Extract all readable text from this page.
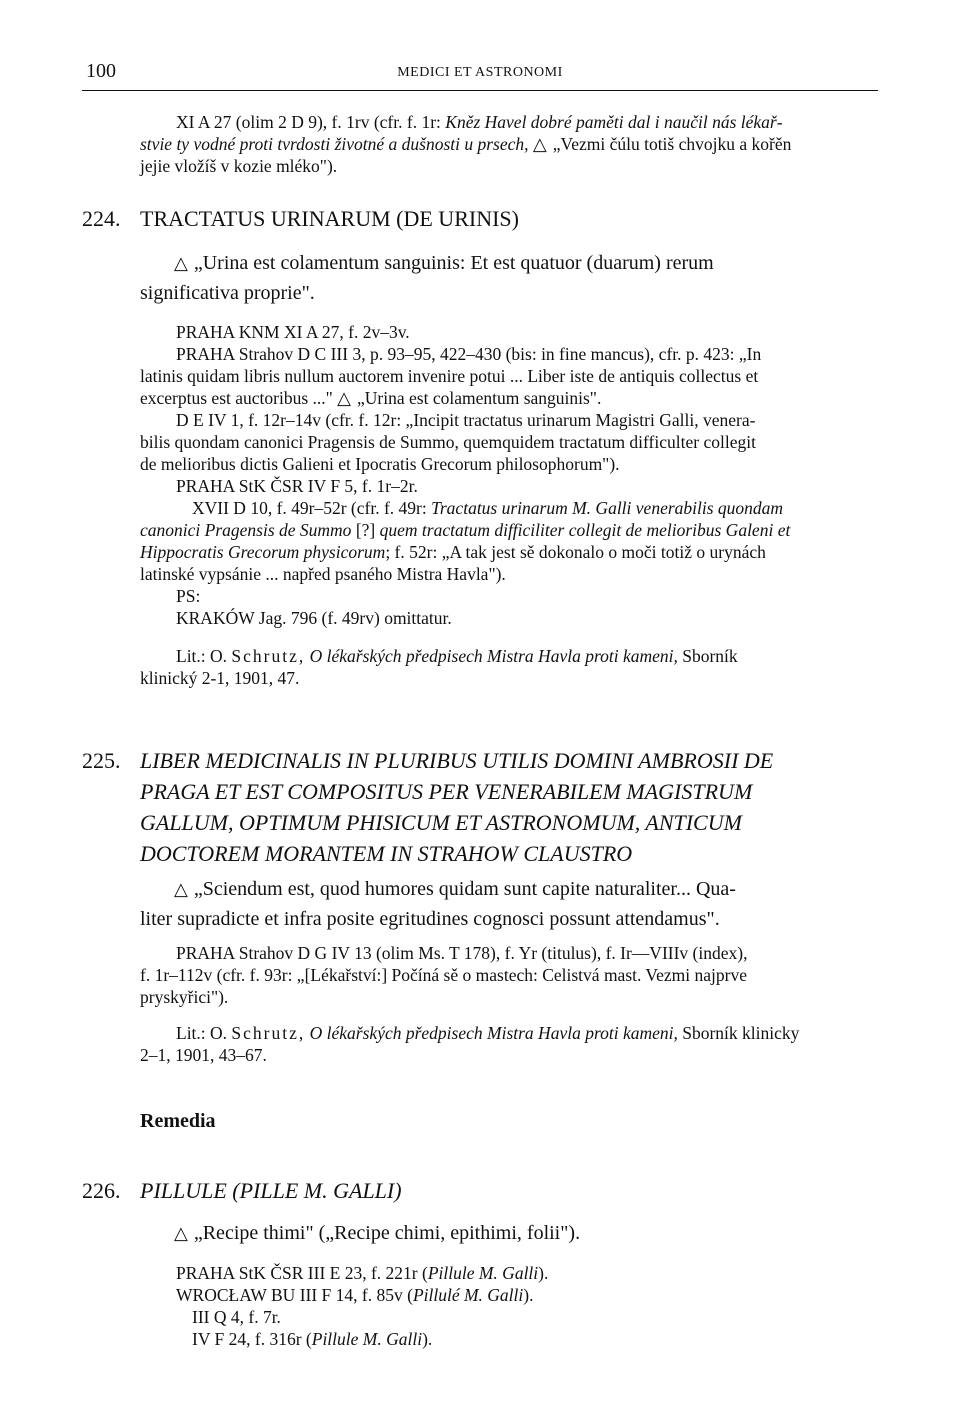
100	MEDICI ET ASTRONOMI

XI A 27 (olim 2 D 9), f. 1rv (cfr. f. 1r: Kněz Havel dobré paměti dal i naučil nás lékař-

stvie ty vodné proti tvrdosti životné a dušnosti u prsech, △ „Vezmi čúlu totiš chvojku a kořěn

jejie vložíš v kozie mléko").

224. TRACTATUS URINARUM (DE URINIS)

△ „Urina est colamentum sanguinis: Et est quatuor (duarum) rerum

significativa proprie".

PRAHA KNM XI A 27, f. 2v–3v.

PRAHA Strahov D C III 3, p. 93–95, 422–430 (bis: in fine mancus), cfr. p. 423: „In

latinis quidam libris nullum auctorem invenire potui ... Liber iste de antiquis collectus et

excerptus est auctoribus ..." △ „Urina est colamentum sanguinis".

D E IV 1, f. 12r–14v (cfr. f. 12r: „Incipit tractatus urinarum Magistri Galli, venera-

bilis quondam canonici Pragensis de Summo, quemquidem tractatum difficulter collegit

de melioribus dictis Galieni et Ipocratis Grecorum philosophorum").

PRAHA StK ČSR IV F 5, f. 1r–2r.

XVII D 10, f. 49r–52r (cfr. f. 49r: Tractatus urinarum M. Galli venerabilis quondam

canonici Pragensis de Summo [?] quem tractatum difficiliter collegit de melioribus Galeni et

Hippocratis Grecorum physicorum; f. 52r: „A tak jest sě dokonalo o moči totiž o urynách

latinské vypsánie ... napřed psaného Mistra Havla").

PS:

KRAKÓW Jag. 796 (f. 49rv) omittatur.

Lit.: O. Schrutz, O lékařských předpisech Mistra Havla proti kameni, Sborník

klinický 2-1, 1901, 47.

225. LIBER MEDICINALIS IN PLURIBUS UTILIS DOMINI AMBROSII DE

PRAGA ET EST COMPOSITUS PER VENERABILEM MAGISTRUM

GALLUM, OPTIMUM PHISICUM ET ASTRONOMUM, ANTICUM

DOCTOREM MORANTEM IN STRAHOW CLAUSTRO

△ „Sciendum est, quod humores quidam sunt capite naturaliter... Qua-

liter supradicte et infra posite egritudines cognosci possunt attendamus".

PRAHA Strahov D G IV 13 (olim Ms. T 178), f. Yr (titulus), f. Ir—VIIIv (index),

f. 1r–112v (cfr. f. 93r: „[Lékařství:] Počíná sě o mastech: Celistvá mast. Vezmi najprve

pryskyřici").

Lit.: O. Schrutz, O lékařských předpisech Mistra Havla proti kameni, Sborník klinicky

2–1, 1901, 43–67.

Remedia
226. PILLULE (PILLE M. GALLI)

△ „Recipe thimi" („Recipe chimi, epithimi, folii").

PRAHA StK ČSR III E 23, f. 221r (Pillule M. Galli).

WROCŁAW BU III F 14, f. 85v (Pillulé M. Galli).

III Q 4, f. 7r.

IV F 24, f. 316r (Pillule M. Galli).
